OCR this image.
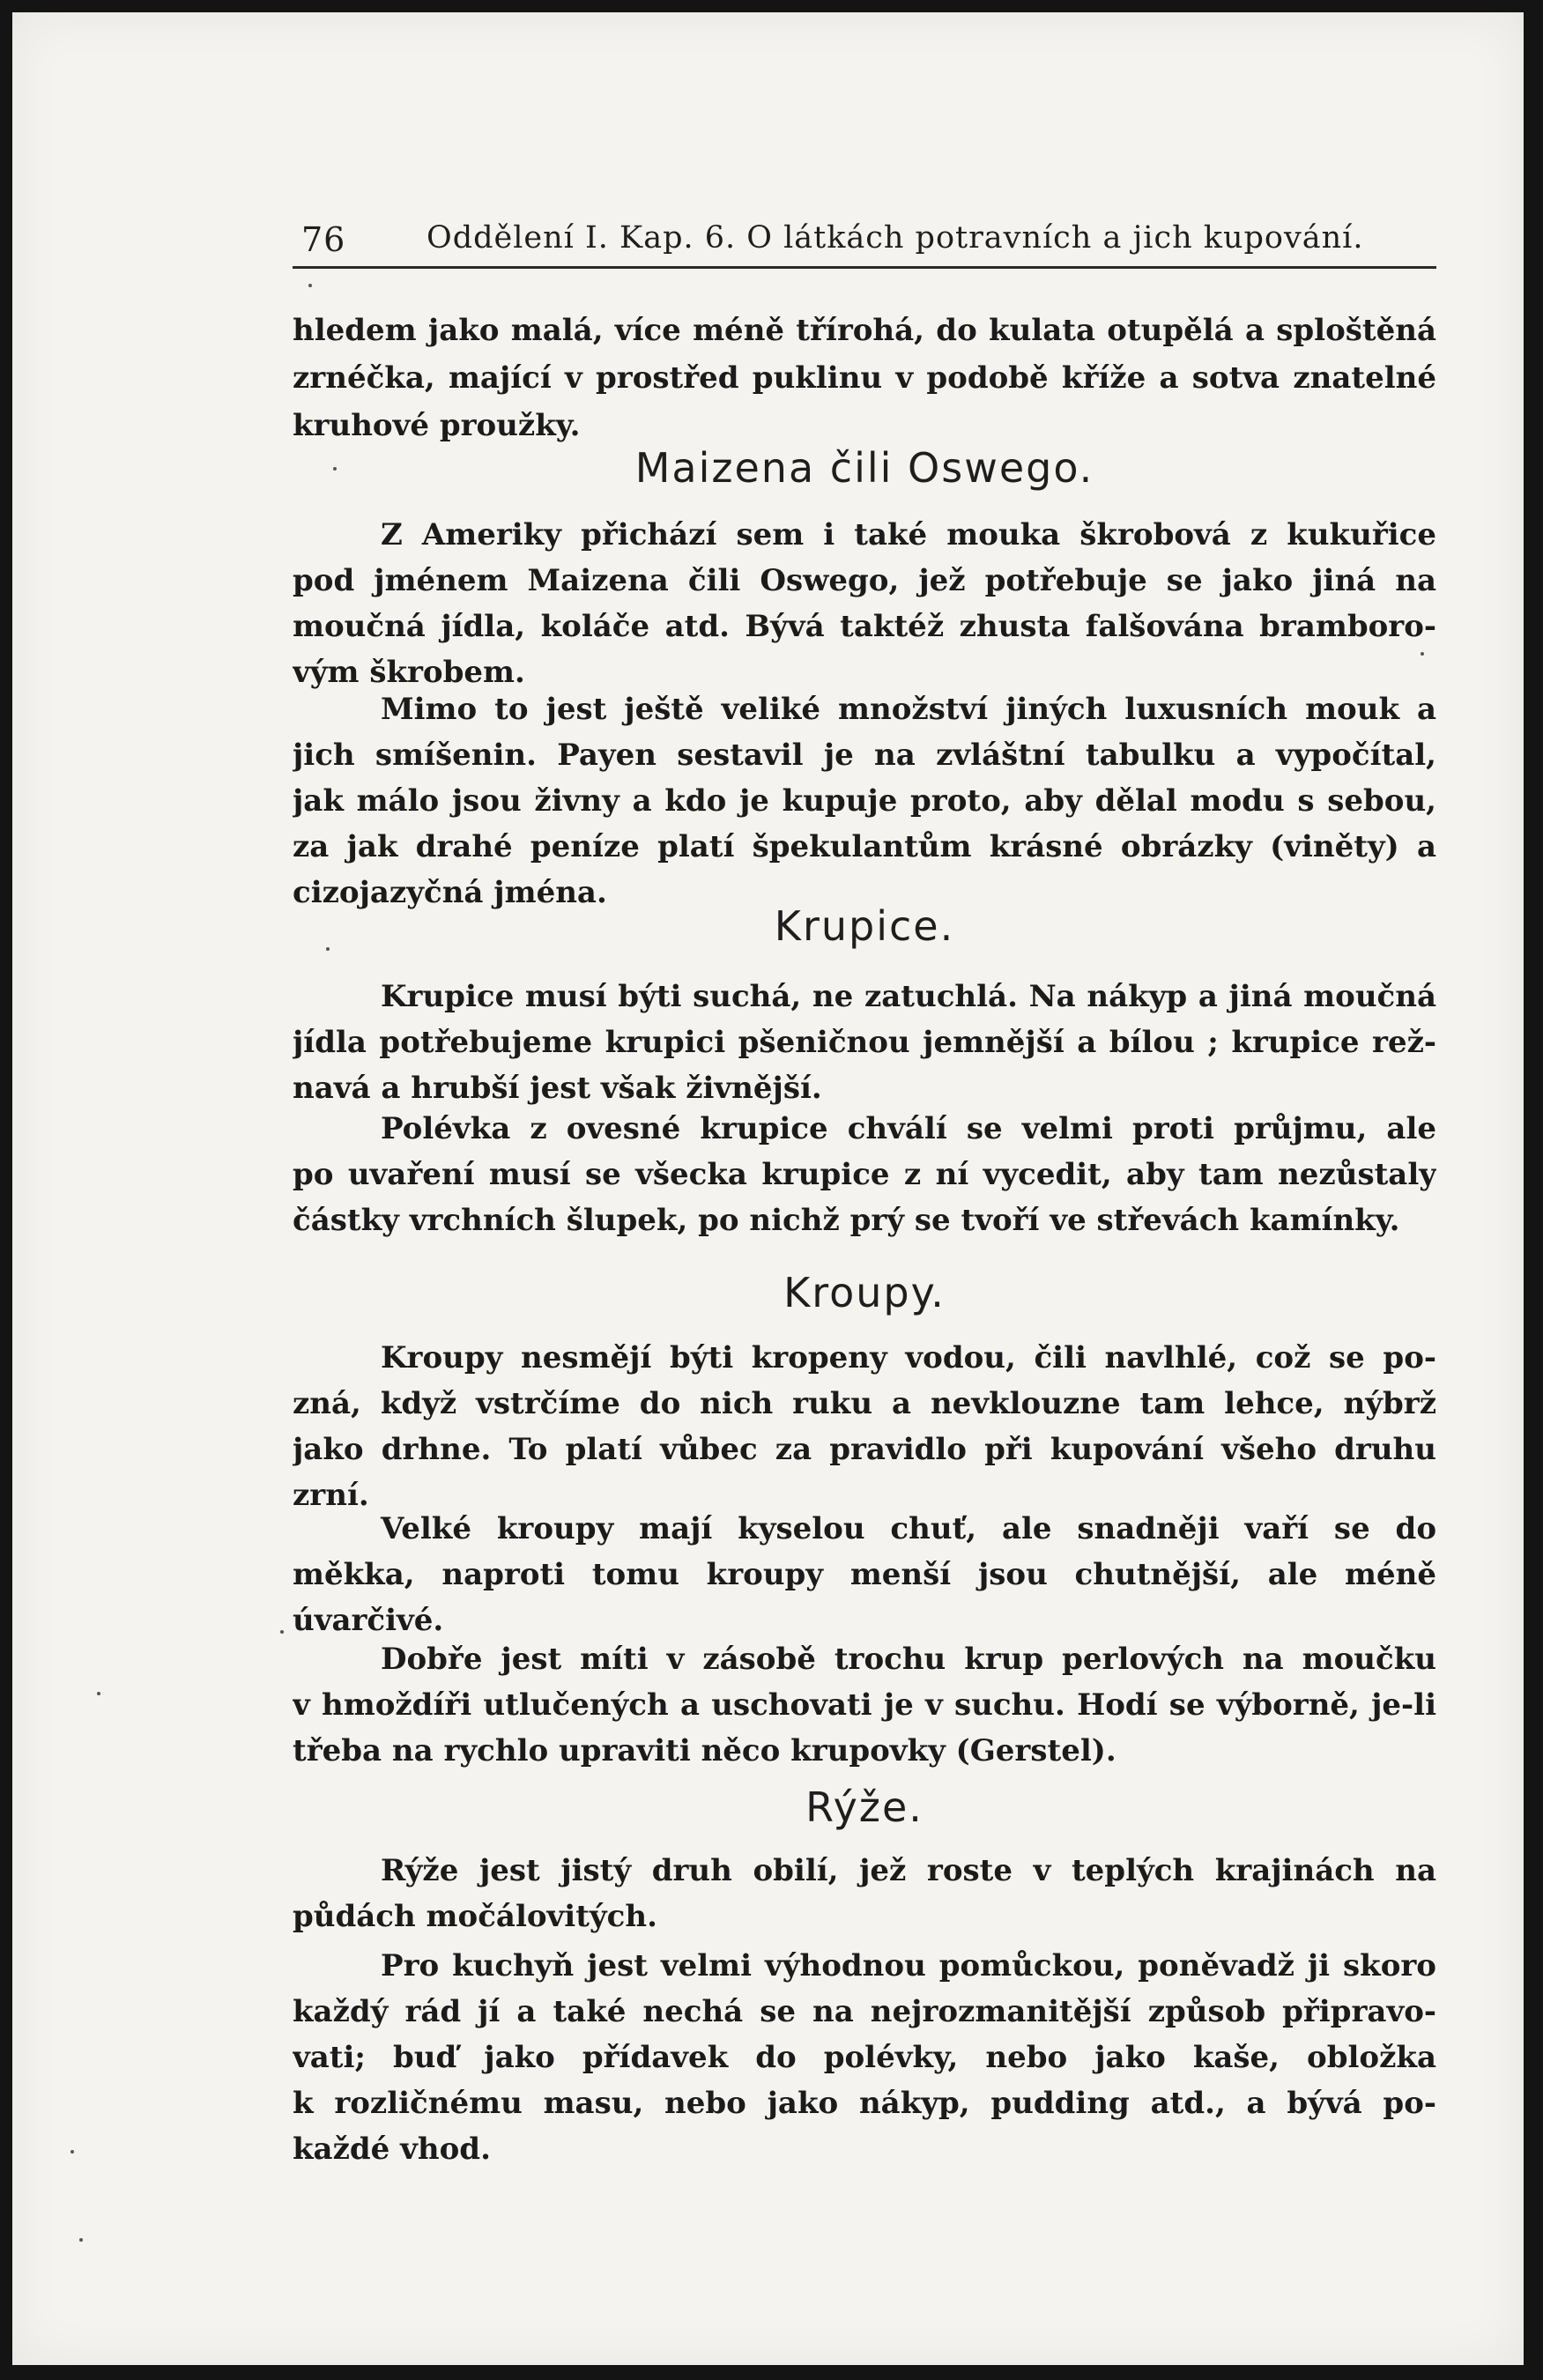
76	Oddělení I. Kap. 6. O látkách potravních a jich kupování.
hledem jako malá, více méně třírohá, do kulata otupělá a sploštěná
zrnéčka, mající v prostřed puklinu v podobě kříže a sotva znatelné
kruhové proužky.
Maizena čili Oswego.
Z Ameriky přichází sem i také mouka škrobová z kukuřice
pod jménem Maizena čili Oswego, jež potřebuje se jako jiná na
moučná jídla, koláče atd. Bývá taktéž zhusta falšována bramboro-
vým škrobem.
Mimo to jest ještě veliké množství jiných luxusních mouk a
jich smíšenin. Payen sestavil je na zvláštní tabulku a vypočítal,
jak málo jsou živny a kdo je kupuje proto, aby dělal modu s sebou,
za jak drahé peníze platí špekulantům krásné obrázky (viněty) a
cizojazyčná jména.
Krupice.
Krupice musí býti suchá, ne zatuchlá. Na nákyp a jiná moučná
jídla potřebujeme krupici pšeničnou jemnější a bílou ; krupice rež-
navá a hrubší jest však živnější.
Polévka z ovesné krupice chválí se velmi proti průjmu, ale
po uvaření musí se všecka krupice z ní vycedit, aby tam nezůstaly
částky vrchních šlupek, po nichž prý se tvoří ve střevách kamínky.
Kroupy.
Kroupy nesmějí býti kropeny vodou, čili navlhlé, což se po-
zná, když vstrčíme do nich ruku a nevklouzne tam lehce, nýbrž
jako drhne. To platí vůbec za pravidlo při kupování všeho druhu
zrní.
Velké kroupy mají kyselou chuť, ale snadněji vaří se do
měkka, naproti tomu kroupy menší jsou chutnější, ale méně
úvarčivé.
Dobře jest míti v zásobě trochu krup perlových na moučku
v hmoždíři utlučených a uschovati je v suchu. Hodí se výborně, je-li
třeba na rychlo upraviti něco krupovky (Gerstel).
Rýže.
Rýže jest jistý druh obilí, jež roste v teplých krajinách na
půdách močálovitých.
Pro kuchyň jest velmi výhodnou pomůckou, poněvadž ji skoro
každý rád jí a také nechá se na nejrozmanitější způsob připravo-
vati; buď jako přídavek do polévky, nebo jako kaše, obložka
k rozličnému masu, nebo jako nákyp, pudding atd., a bývá po-
každé vhod.
